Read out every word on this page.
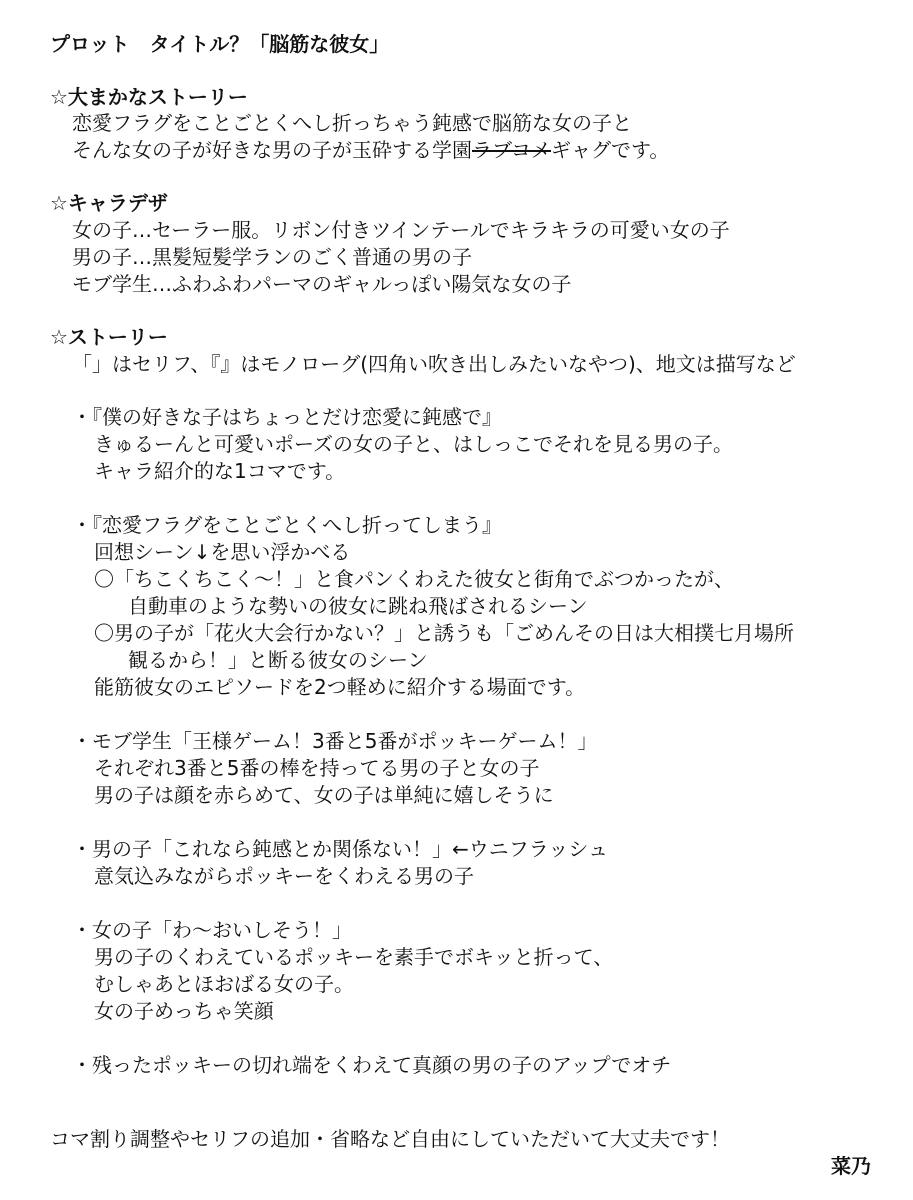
プロット　タイトル？「脳筋な彼女」
☆大まかなストーリー
恋愛フラグをことごとくへし折っちゃう鈍感で脳筋な女の子と
そんな女の子が好きな男の子が玉砕する学園ラブコメギャグです。
☆キャラデザ
女の子…セーラー服。リボン付きツインテールでキラキラの可愛い女の子
男の子…黒髪短髪学ランのごく普通の男の子
モブ学生…ふわふわパーマのギャルっぽい陽気な女の子
☆ストーリー
「」はセリフ、『』はモノローグ(四角い吹き出しみたいなやつ)、地文は描写など
・『僕の好きな子はちょっとだけ恋愛に鈍感で』
きゅるーんと可愛いポーズの女の子と、はしっこでそれを見る男の子。
キャラ紹介的な1コマです。
・『恋愛フラグをことごとくへし折ってしまう』
回想シーン↓を思い浮かべる
〇「ちこくちこく～！」と食パンくわえた彼女と街角でぶつかったが、
自動車のような勢いの彼女に跳ね飛ばされるシーン
〇男の子が「花火大会行かない？」と誘うも「ごめんその日は大相撲七月場所
観るから！」と断る彼女のシーン
能筋彼女のエピソードを2つ軽めに紹介する場面です。
・モブ学生「王様ゲーム！3番と5番がポッキーゲーム！」
それぞれ3番と5番の棒を持ってる男の子と女の子
男の子は顔を赤らめて、女の子は単純に嬉しそうに
・男の子「これなら鈍感とか関係ない！」←ウニフラッシュ
意気込みながらポッキーをくわえる男の子
・女の子「わ～おいしそう！」
男の子のくわえているポッキーを素手でボキッと折って、
むしゃあとほおばる女の子。
女の子めっちゃ笑顔
・残ったポッキーの切れ端をくわえて真顔の男の子のアップでオチ
コマ割り調整やセリフの追加・省略など自由にしていただいて大丈夫です！
菜乃
